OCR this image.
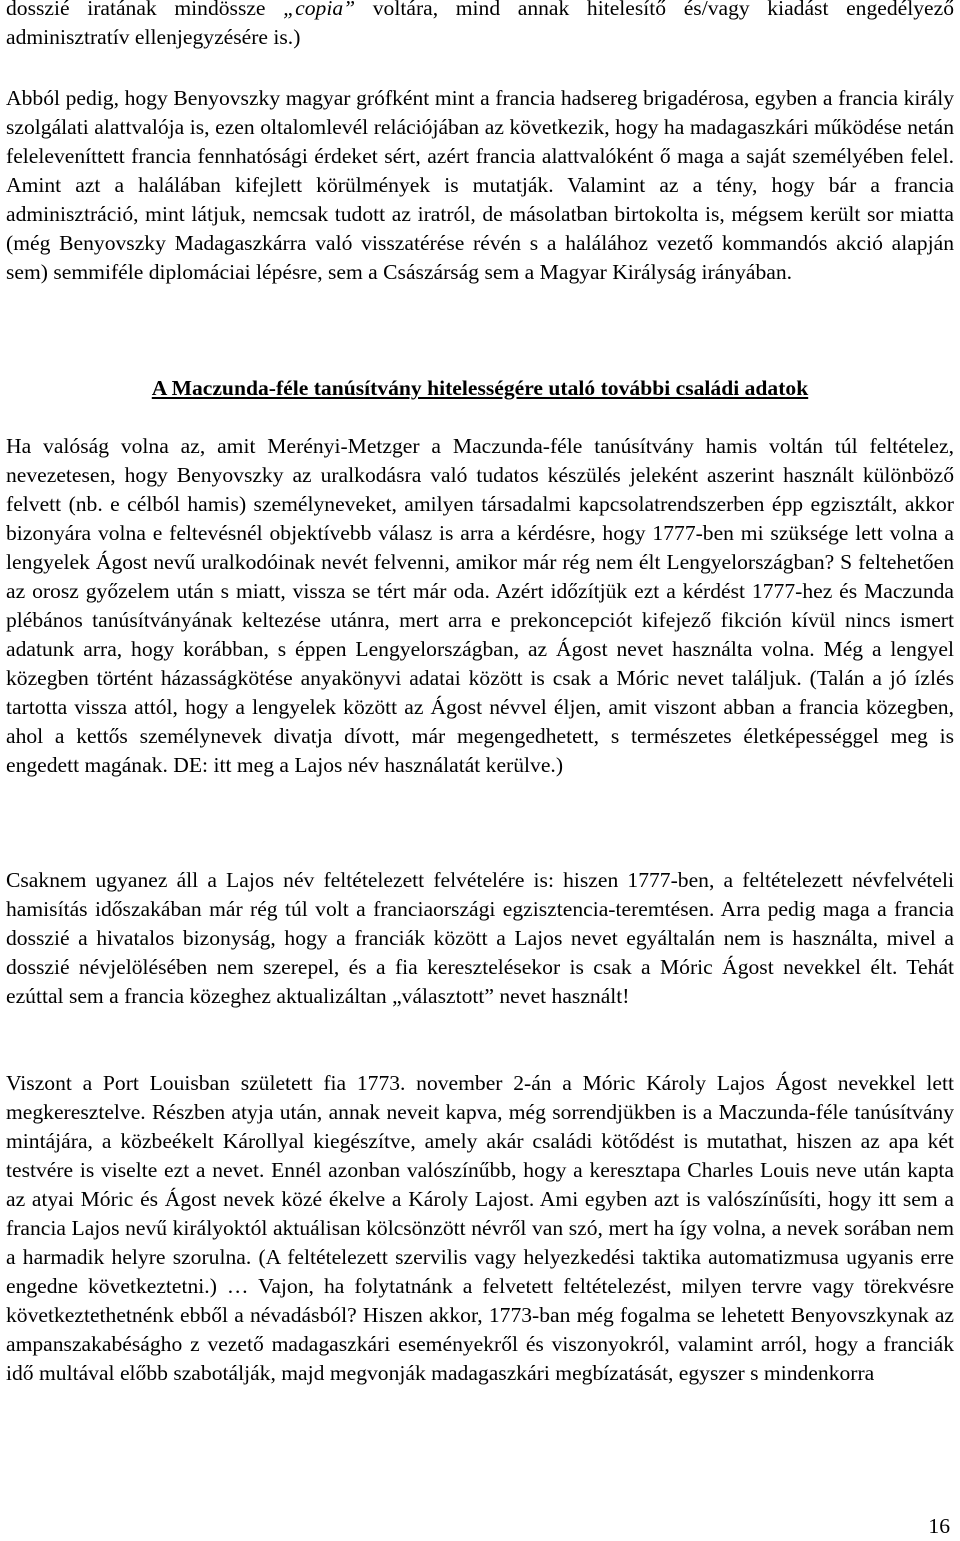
dosszié iratának mindössze „copia” voltára, mind annak hitelesítő és/vagy kiadást engedélyező adminisztratív ellenjegyzésére is.)

Abból pedig, hogy Benyovszky magyar grófként mint a francia hadsereg brigadérosa, egyben a francia király szolgálati alattvalója is, ezen oltalomlevél relációjában az következik, hogy ha madagaszkári működése netán feleleveníttett francia fennhatósági érdeket sért, azért francia alattvalóként ő maga a saját személyében felel. Amint azt a halálában kifejlett körülmények is mutatják. Valamint az a tény, hogy bár a francia adminisztráció, mint látjuk, nemcsak tudott az iratról, de másolatban birtokolta is, mégsem került sor miatta (még Benyovszky Madagaszkárra való visszatérése révén s a halálához vezető kommandós akció alapján sem) semmiféle diplomáciai lépésre, sem a Császárság sem a Magyar Királyság irányában.

A Maczunda-féle tanúsítvány hitelességére utaló további családi adatok

Ha valóság volna az, amit Merényi-Metzger a Maczunda-féle tanúsítvány hamis voltán túl feltételez, nevezetesen, hogy Benyovszky az uralkodásra való tudatos készülés jeleként aszerint használt különböző felvett (nb. e célból hamis) személyneveket, amilyen társadalmi kapcsolatrendszerben épp egzisztált, akkor bizonyára volna e feltevésnél objektívebb válasz is arra a kérdésre, hogy 1777-ben mi szüksége lett volna a lengyelek Ágost nevű uralkodóinak nevét felvenni, amikor már rég nem élt Lengyelországban? S feltehetően az orosz győzelem után s miatt, vissza se tért már oda. Azért időzítjük ezt a kérdést 1777-hez és Maczunda plébános tanúsítványának keltezése utánra, mert arra e prekoncepciót kifejező fikción kívül nincs ismert adatunk arra, hogy korábban, s éppen Lengyelországban, az Ágost nevet használta volna. Még a lengyel közegben történt házasságkötése anyakönyvi adatai között is csak a Móric nevet találjuk. (Talán a jó ízlés tartotta vissza attól, hogy a lengyelek között az Ágost névvel éljen, amit viszont abban a francia közegben, ahol a kettős személynevek divatja dívott, már megengedhetett, s természetes életképességgel meg is engedett magának. DE: itt meg a Lajos név használatát kerülve.)

Csaknem ugyanez áll a Lajos név feltételezett felvételére is: hiszen 1777-ben, a feltételezett névfelvételi hamisítás időszakában már rég túl volt a franciaországi egzisztencia-teremtésen. Arra pedig maga a francia dosszié a hivatalos bizonyság, hogy a franciák között a Lajos nevet egyáltalán nem is használta, mivel a dosszié névjelölésében nem szerepel, és a fia keresztelésekor is csak a Móric Ágost nevekkel élt. Tehát ezúttal sem a francia közeghez aktualizáltan „választott” nevet használt!

Viszont a Port Louisban született fia 1773. november 2-án a Móric Károly Lajos Ágost nevekkel lett megkeresztelve. Részben atyja után, annak neveit kapva, még sorrendjükben is a Maczunda-féle tanúsítvány mintájára, a közbeékelt Károllyal kiegészítve, amely akár családi kötődést is mutathat, hiszen az apa két testvére is viselte ezt a nevet. Ennél azonban valószínűbb, hogy a keresztapa Charles Louis neve után kapta az atyai Móric és Ágost nevek közé ékelve a Károly Lajost. Ami egyben azt is valószínűsíti, hogy itt sem a francia Lajos nevű királyoktól aktuálisan kölcsönzött névről van szó, mert ha így volna, a nevek sorában nem a harmadik helyre szorulna. (A feltételezett szervilis vagy helyezkedési taktika automatizmusa ugyanis erre engedne következtetni.) … Vajon, ha folytatnánk a felvetett feltételezést, milyen tervre vagy törekvésre következtethetnénk ebből a névadásból? Hiszen akkor, 1773-ban még fogalma se lehetett Benyovszkynak az ampanszakabéságho z vezető madagaszkári eseményekről és viszonyokról, valamint arról, hogy a franciák idő multával előbb szabotálják, majd megvonják madagaszkári megbízatását, egyszer s mindenkorra

16
